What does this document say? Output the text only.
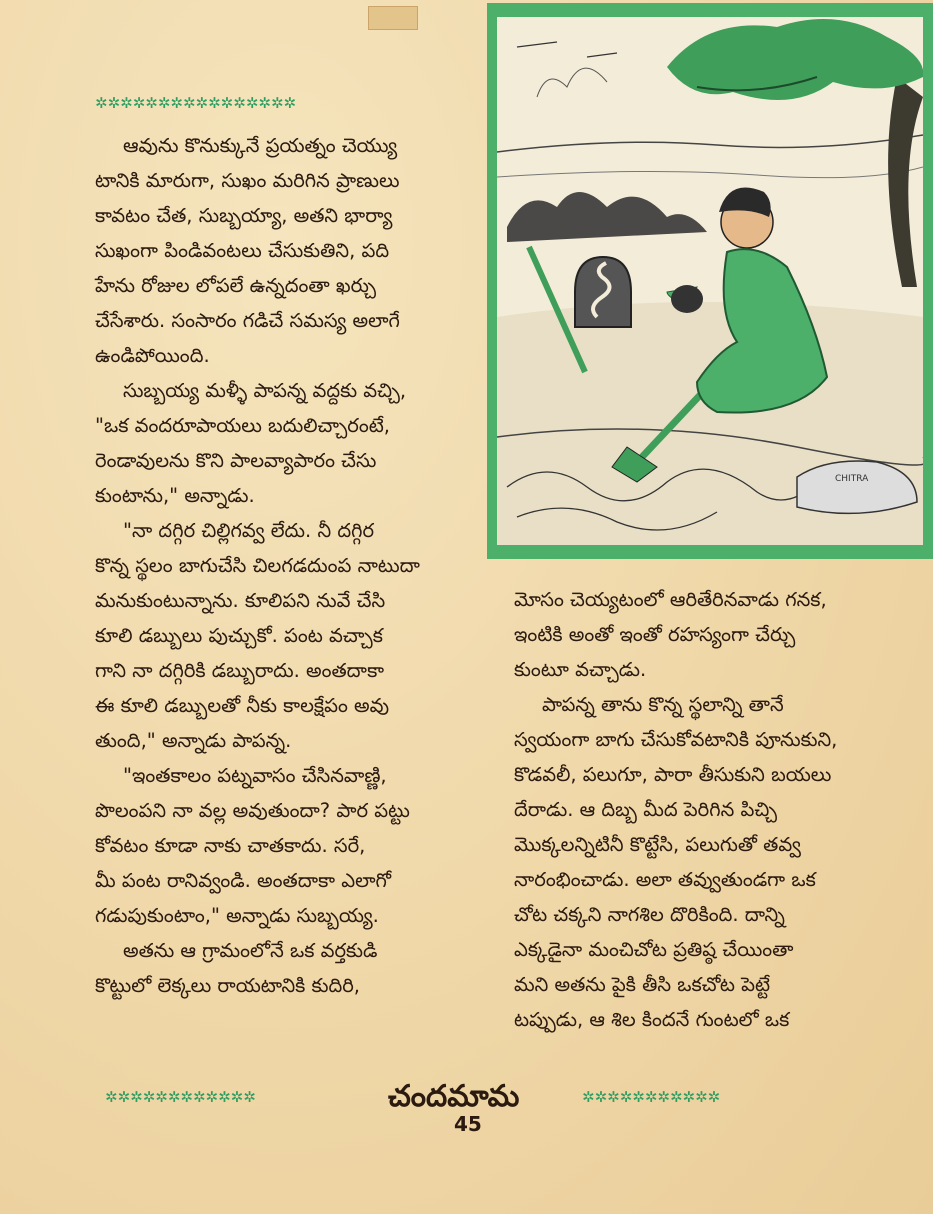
✲✲✲✲✲✲✲✲✲✲✲✲✲✲✲✲

ఆవును కొనుక్కునే ప్రయత్నం చెయ్యు

టానికి మారుగా, సుఖం మరిగిన ప్రాణులు

కావటం చేత, సుబ్బయ్యా, అతని భార్యా

సుఖంగా పిండివంటలు చేసుకుతిని, పది

హేను రోజుల లోపలే ఉన్నదంతా ఖర్చు

చేసేశారు. సంసారం గడిచే సమస్య అలాగే

ఉండిపోయింది.

సుబ్బయ్య మళ్ళీ పాపన్న వద్దకు వచ్చి,

"ఒక వందరూపాయలు బదులిచ్చారంటే,

రెండావులను కొని పాలవ్యాపారం చేసు

కుంటాను," అన్నాడు.

"నా దగ్గిర చిల్లిగవ్వ లేదు. నీ దగ్గిర

కొన్న స్థలం బాగుచేసి చిలగడదుంప నాటుదా

మనుకుంటున్నాను. కూలిపని నువే చేసి

కూలి డబ్బులు పుచ్చుకో. పంట వచ్చాక

గాని నా దగ్గిరికి డబ్బురాదు. అంతదాకా

ఈ కూలి డబ్బులతో నీకు కాలక్షేపం అవు

తుంది," అన్నాడు పాపన్న.

"ఇంతకాలం పట్నవాసం చేసినవాణ్ణి,

పొలంపని నా వల్ల అవుతుందా? పార పట్టు

కోవటం కూడా నాకు చాతకాదు. సరే,

మీ పంట రానివ్వండి. అంతదాకా ఎలాగో

గడుపుకుంటాం," అన్నాడు సుబ్బయ్య.

అతను ఆ గ్రామంలోనే ఒక వర్తకుడి

కొట్టులో లెక్కలు రాయటానికి కుదిరి,

CHITRA

మోసం చెయ్యటంలో ఆరితేరినవాడు గనక,

ఇంటికి అంతో ఇంతో రహస్యంగా చేర్చు

కుంటూ వచ్చాడు.

పాపన్న తాను కొన్న స్థలాన్ని తానే

స్వయంగా బాగు చేసుకోవటానికి పూనుకుని,

కొడవలీ, పలుగూ, పారా తీసుకుని బయలు

దేరాడు. ఆ దిబ్బ మీద పెరిగిన పిచ్చి

మొక్కలన్నిటినీ కొట్టేసి, పలుగుతో తవ్వ

నారంభించాడు. అలా తవ్వుతుండగా ఒక

చోట చక్కని నాగశిల దొరికింది. దాన్ని

ఎక్కడైనా మంచిచోట ప్రతిష్ఠ చేయింతా

మని అతను పైకి తీసి ఒకచోట పెట్టే

టప్పుడు, ఆ శిల కిందనే గుంటలో ఒక

✲✲✲✲✲✲✲✲✲✲✲✲	చందమామ	✲✲✲✲✲✲✲✲✲✲✲
45
